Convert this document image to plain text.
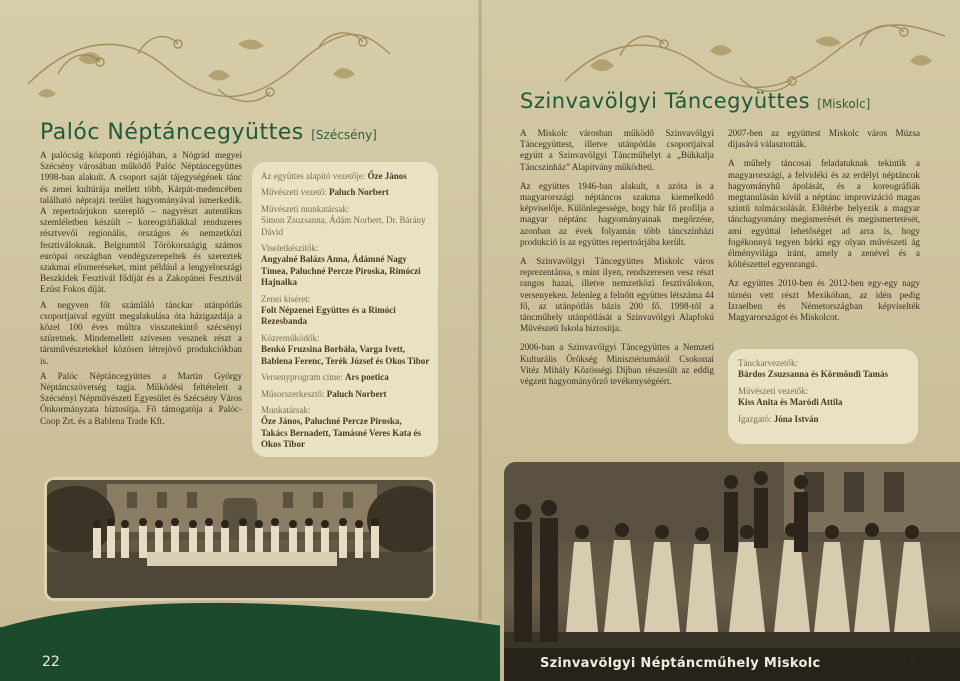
Palóc Néptáncegyüttes [Szécsény]

A palócság központi régiójában, a Nógrád megyei Szécsény városában működő Palóc Néptáncegyüttes 1998-ban alakult. A csoport saját tájegységének tánc és zenei kultúrája mellett több, Kárpát-medencében található néprajzi terület hagyományával ismerkedik. A repertoárjukon szereplő – nagyrészt autentikus szemléletben készült – koreográfiákkal rendszeres résztvevői regionális, országos és nemzetközi fesztiváloknak. Belgiumtól Törökországig számos európai országban vendégszerepeltek és szereztek szakmai elismeréseket, mint például a lengyelországi Beszkidek Fesztivál fődíját és a Zakopánei Fesztivál Ezüst Fokos díját.

A negyven főt számláló tánckar utánpótlás csoportjaival együtt megalakulása óta házigazdája a közel 100 éves múltra visszatekintő szécsényi szüretnek. Mindemellett szívesen vesznek részt a társművészetekkel közösen létrejövő produkciókban is.

A Palóc Néptáncegyüttes a Martin György Néptáncszövetség tagja. Működési feltételeit a Szécsényi Népművészeti Egyesület és Szécsény Város Önkormányzata biztosítja. Fő támogatója a Palóc-Coop Zrt. és a Bablena Trade Kft.

Az együttes alapító vezetője: Őze János
Művészeti vezető: Paluch Norbert
Művészeti munkatársak:
Simon Zsuzsanna, Ádám Norbert, Dr. Bárány Dávid
Viseletkészítők:
Angyalné Balázs Anna, Ádámné Nagy Tímea, Paluchné Percze Piroska, Rimóczi Hajnalka
Zenei kíséret:
Folt Népzenei Együttes és a Rimóci Rezesbanda
Közreműködők:
Benkó Fruzsina Borbála, Varga Ivett, Bablena Ferenc, Terék József és Okos Tibor
Versenyprogram címe: Ars poetica
Műsorszerkesztő: Paluch Norbert
Munkatársak:
Őze János, Paluchné Percze Piroska, Takács Bernadett, Tamásné Veres Kata és Okos Tibor
22
Szinvavölgyi Táncegyüttes [Miskolc]

A Miskolc városban működő Szinvavölgyi Táncegyüttest, illetve utánpótlás csoportjaival együtt a Szinvavölgyi Táncműhelyt a „Bükkalja Táncszínház” Alapítvány működteti.

Az együttes 1946-ban alakult, s azóta is a magyarországi néptáncos szakma kiemelkedő képviselője. Különlegessége, hogy bár fő profilja a magyar néptánc hagyományainak megőrzése, azonban az évek folyamán több táncszínházi produkció is az együttes repertoárjába került.

A Szinvavölgyi Táncegyüttes Miskolc város reprezentánsa, s mint ilyen, rendszeresen vesz részt rangos hazai, illetve nemzetközi fesztiválokon, versenyeken. Jelenleg a felnőtt együttes létszáma 44 fő, az utánpótlás bázis 200 fő. 1998-tól a táncműhely utánpótlását a Szinvavölgyi Alapfokú Művészeti Iskola biztosítja.

2006-ban a Szinvavölgyi Táncegyüttes a Nemzeti Kulturális Örökség Minisztériumától Csokonai Vitéz Mihály Közösségi Díjban részesült az eddig végzett hagyományőrző tevékenységéért.

2007-ben az együttest Miskolc város Múzsa díjasává választották.

A műhely táncosai feladatuknak tekintik a magyarországi, a felvidéki és az erdélyi néptáncok hagyományhű ápolását, és a koreográfiák megtanulásán kívül a néptánc improvizáció magas szintű tolmácsolását. Előtérbe helyezik a magyar tánchagyomány megismerését és megismertetését, ami egyúttal lehetőséget ad arra is, hogy fogékonnyá tegyen bárki egy olyan művészeti ág élményvilága iránt, amely a zenével és a költészettel egyenrangú.

Az együttes 2010-ben és 2012-ben egy-egy nagy túrnén vett részt Mexikóban, az idén pedig Izraelben és Németországban képviselték Magyarországot és Miskolcot.

Tánckarvezetők:
Bárdos Zsuzsanna és Körmöndi Tamás
Művészeti vezetők:
Kiss Anita és Maródi Attila
Igazgató: Jóna István
Szinvavölgyi Néptáncműhely Miskolc	23
